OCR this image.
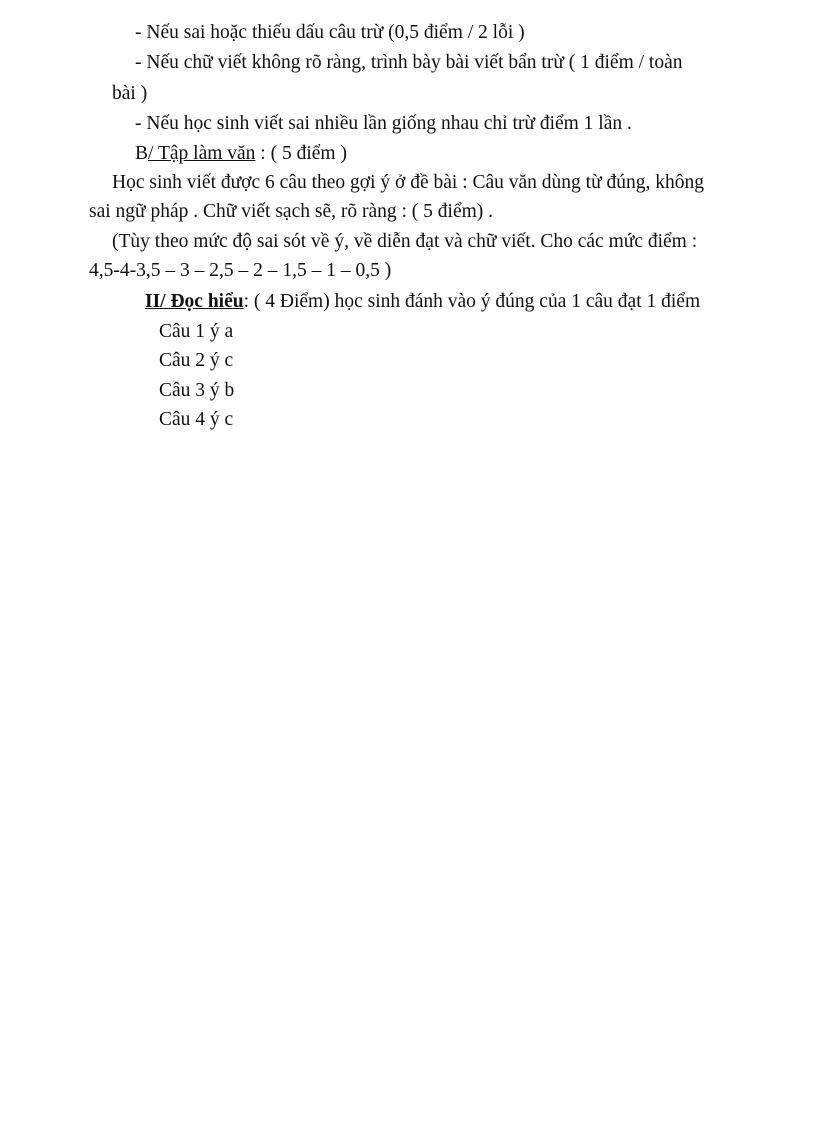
- Nếu sai hoặc thiếu dấu câu trừ (0,5 điểm / 2 lỗi )
- Nếu chữ viết không rõ ràng, trình bày bài viết bẩn trừ ( 1 điểm / toàn
bài )
- Nếu học sinh viết sai nhiều lần giống nhau chỉ trừ điểm 1 lần .
B/ Tập làm văn : ( 5 điểm )
Học sinh viết được 6 câu theo gợi ý ở đề bài : Câu văn dùng từ đúng, không
sai ngữ pháp . Chữ viết sạch sẽ, rõ ràng : ( 5 điểm) .
(Tùy theo mức độ sai sót về ý, về diễn đạt và chữ viết. Cho các mức điểm :
4,5-4-3,5 – 3 – 2,5 – 2 – 1,5 – 1 – 0,5 )
II/ Đọc hiểu: ( 4 Điểm) học sinh đánh vào ý đúng của 1 câu đạt 1 điểm
Câu 1 ý a
Câu 2 ý c
Câu 3 ý b
Câu 4 ý c
